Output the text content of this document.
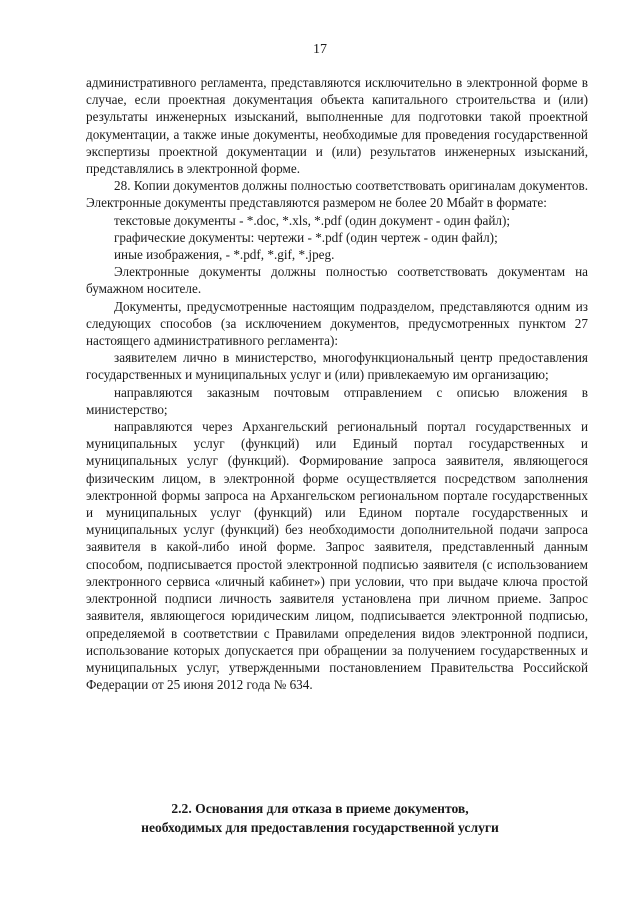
17

административного регламента, представляются исключительно в электронной форме в случае, если проектная документация объекта капитального строительства и (или) результаты инженерных изысканий, выполненные для подготовки такой проектной документации, а также иные документы, необходимые для проведения государственной экспертизы проектной документации и (или) результатов инженерных изысканий, представлялись в электронной форме.

28. Копии документов должны полностью соответствовать оригиналам документов. Электронные документы представляются размером не более 20 Мбайт в формате:

текстовые документы - *.doc, *.xls, *.pdf (один документ - один файл);

графические документы: чертежи - *.pdf (один чертеж - один файл);

иные изображения, - *.pdf, *.gif, *.jpeg.

Электронные документы должны полностью соответствовать документам на бумажном носителе.

Документы, предусмотренные настоящим подразделом, представляются одним из следующих способов (за исключением документов, предусмотренных пунктом 27 настоящего административного регламента):

заявителем лично в министерство, многофункциональный центр предоставления государственных и муниципальных услуг и (или) привлекаемую им организацию;

направляются заказным почтовым отправлением с описью вложения в министерство;

направляются через Архангельский региональный портал государственных и муниципальных услуг (функций) или Единый портал государственных и муниципальных услуг (функций). Формирование запроса заявителя, являющегося физическим лицом, в электронной форме осуществляется посредством заполнения электронной формы запроса на Архангельском региональном портале государственных и муниципальных услуг (функций) или Едином портале государственных и муниципальных услуг (функций) без необходимости дополнительной подачи запроса заявителя в какой-либо иной форме. Запрос заявителя, представленный данным способом, подписывается простой электронной подписью заявителя (с использованием электронного сервиса «личный кабинет») при условии, что при выдаче ключа простой электронной подписи личность заявителя установлена при личном приеме. Запрос заявителя, являющегося юридическим лицом, подписывается электронной подписью, определяемой в соответствии с Правилами определения видов электронной подписи, использование которых допускается при обращении за получением государственных и муниципальных услуг, утвержденными постановлением Правительства Российской Федерации от 25 июня 2012 года № 634.

2.2. Основания для отказа в приеме документов,
необходимых для предоставления государственной услуги
